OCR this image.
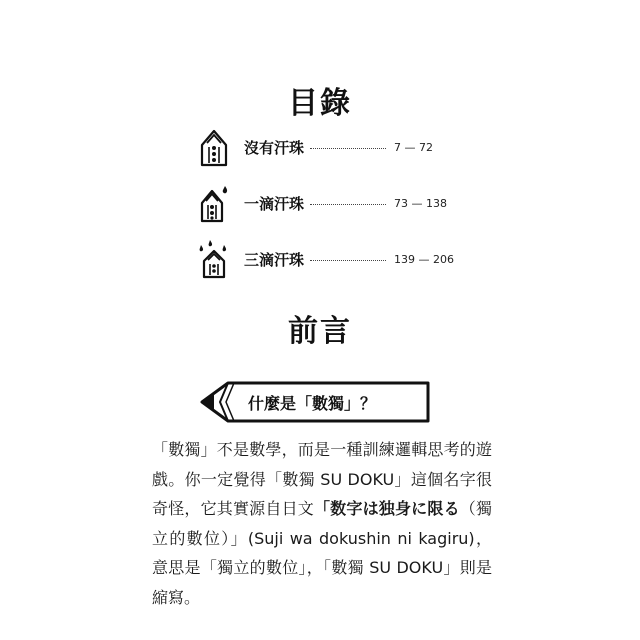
目錄
沒有汗珠	7 — 72
一滴汗珠	73 — 138
三滴汗珠	139 — 206
前言
什麼是「數獨」？
「數獨」不是數學，而是一種訓練邏輯思考的遊戲。你一定覺得「數獨 SU DOKU」這個名字很奇怪，它其實源自日文「数字は独身に限る（獨立的數位）」(Suji wa dokushin ni kagiru)，意思是「獨立的數位」，「數獨 SU DOKU」則是縮寫。
